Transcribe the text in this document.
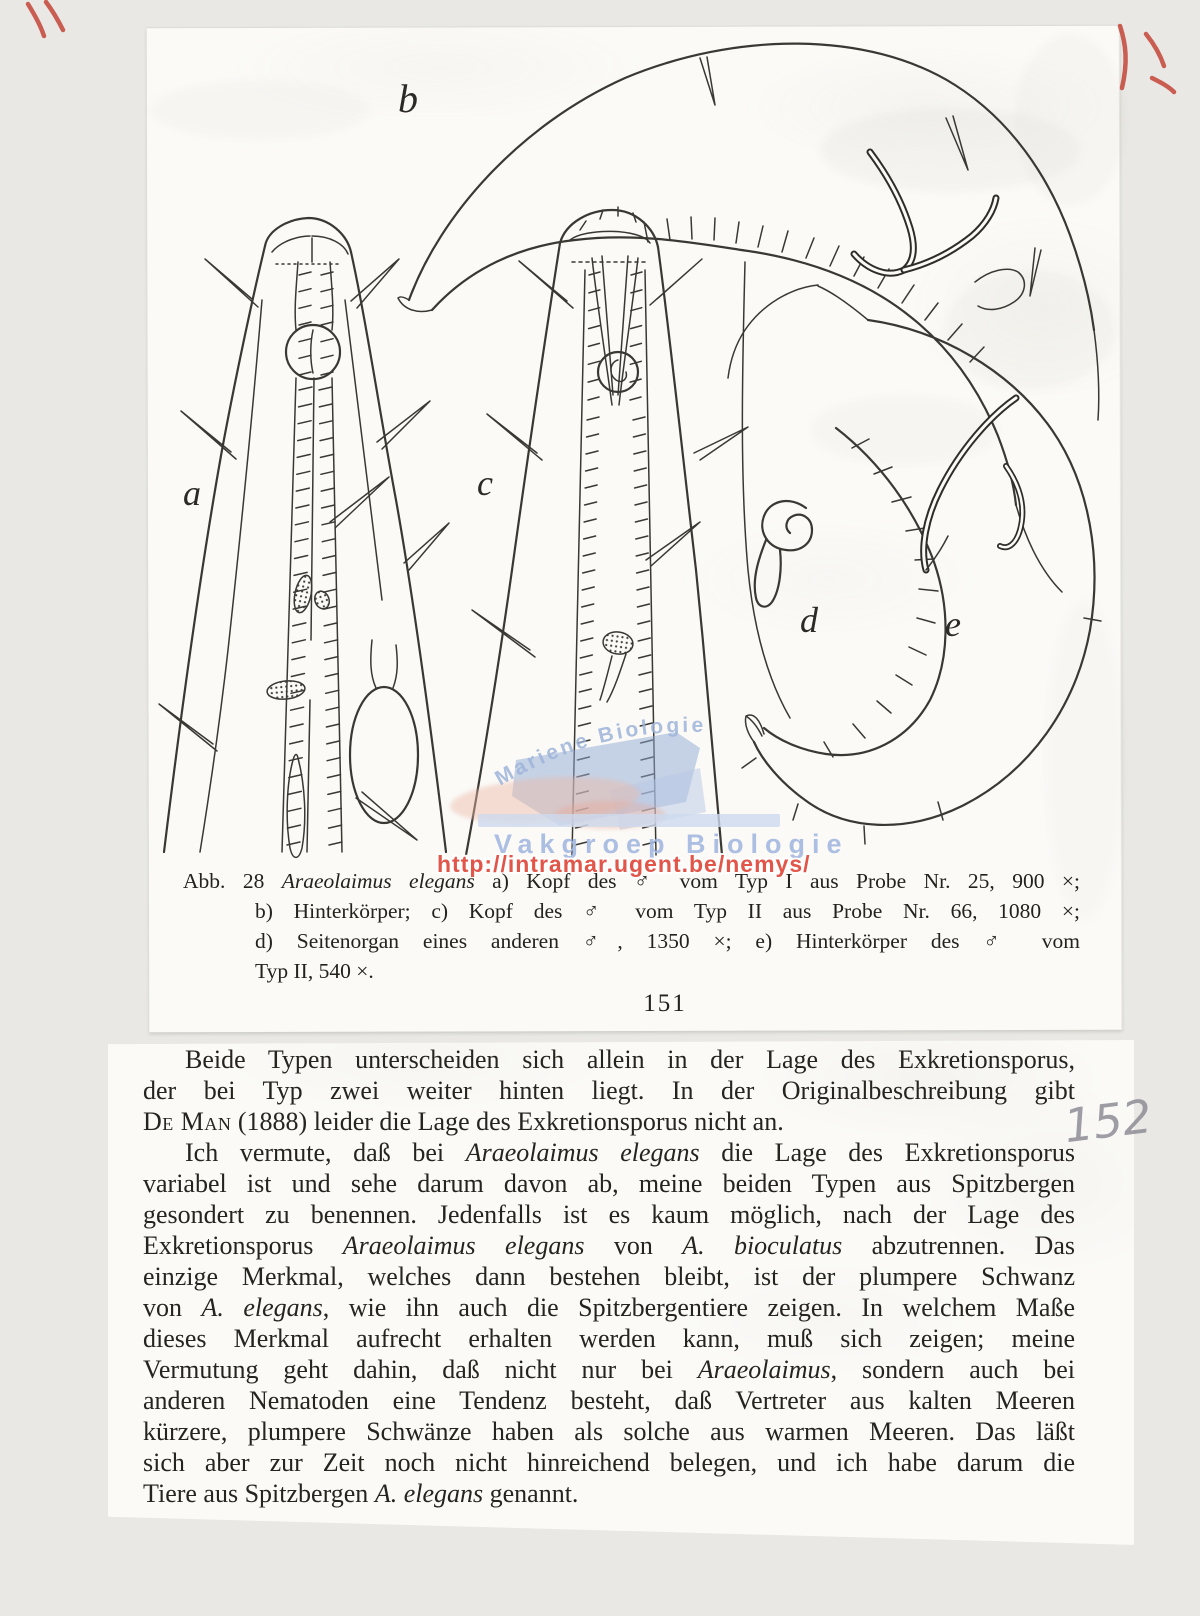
b
a	c
d	e
Mariene Biologie
Vakgroep Biologie
http://intramar.ugent.be/nemys/
Abb. 28 Araeolaimus elegans a) Kopf des ♂ vom Typ I aus Probe Nr. 25, 900 ×;
b) Hinterkörper; c) Kopf des ♂ vom Typ II aus Probe Nr. 66, 1080 ×;
d) Seitenorgan eines anderen ♂, 1350 ×; e) Hinterkörper des ♂ vom
Typ II, 540 ×.
151
Beide Typen unterscheiden sich allein in der Lage des Exkretionsporus,
der bei Typ zwei weiter hinten liegt. In der Originalbeschreibung gibt
De Man (1888) leider die Lage des Exkretionsporus nicht an.
Ich vermute, daß bei Araeolaimus elegans die Lage des Exkretionsporus
variabel ist und sehe darum davon ab, meine beiden Typen aus Spitzbergen
gesondert zu benennen. Jedenfalls ist es kaum möglich, nach der Lage des
Exkretionsporus Araeolaimus elegans von A. bioculatus abzutrennen. Das
einzige Merkmal, welches dann bestehen bleibt, ist der plumpere Schwanz
von A. elegans, wie ihn auch die Spitzbergentiere zeigen. In welchem Maße
dieses Merkmal aufrecht erhalten werden kann, muß sich zeigen; meine
Vermutung geht dahin, daß nicht nur bei Araeolaimus, sondern auch bei
anderen Nematoden eine Tendenz besteht, daß Vertreter aus kalten Meeren
kürzere, plumpere Schwänze haben als solche aus warmen Meeren. Das läßt
sich aber zur Zeit noch nicht hinreichend belegen, und ich habe darum die
Tiere aus Spitzbergen A. elegans genannt.
152
